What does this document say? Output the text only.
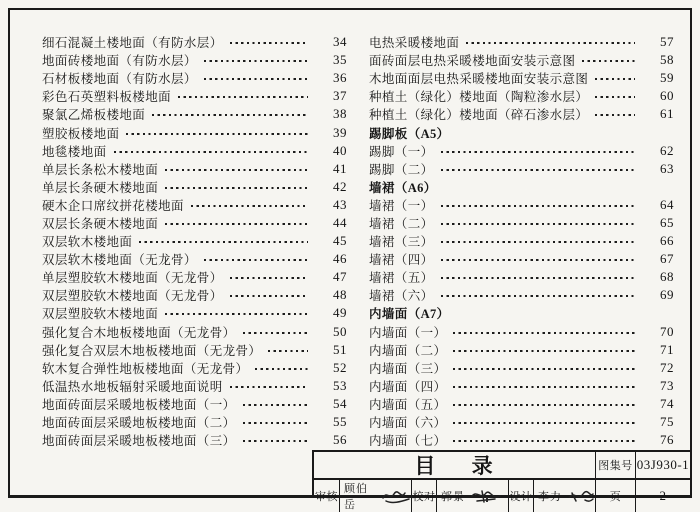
细石混凝土楼地面（有防水层）	34
地面砖楼地面（有防水层）	35
石材板楼地面（有防水层）	36
彩色石英塑料板楼地面	37
聚氯乙烯板楼地面	38
塑胶板楼地面	39
地毯楼地面	40
单层长条松木楼地面	41
单层长条硬木楼地面	42
硬木企口席纹拼花楼地面	43
双层长条硬木楼地面	44
双层软木楼地面	45
双层软木楼地面（无龙骨）	46
单层塑胶软木楼地面（无龙骨）	47
双层塑胶软木楼地面（无龙骨）	48
双层塑胶软木楼地面	49
强化复合木地板楼地面（无龙骨）	50
强化复合双层木地板楼地面（无龙骨）	51
软木复合弹性地板楼地面（无龙骨）	52
低温热水地板辐射采暖地面说明	53
地面砖面层采暖地板楼地面（一）	54
地面砖面层采暖地板楼地面（二）	55
地面砖面层采暖地板楼地面（三）	56
电热采暖楼地面	57
面砖面层电热采暖楼地面安装示意图	58
木地面面层电热采暖楼地面安装示意图	59
种植土（绿化）楼地面（陶粒渗水层）	60
种植土（绿化）楼地面（碎石渗水层）	61
踢脚板（A5）
踢脚（一）	62
踢脚（二）	63
墙裙（A6）
墙裙（一）	64
墙裙（二）	65
墙裙（三）	66
墙裙（四）	67
墙裙（五）	68
墙裙（六）	69
内墙面（A7）
内墙面（一）	70
内墙面（二）	71
内墙面（三）	72
内墙面（四）	73
内墙面（五）	74
内墙面（六）	75
内墙面（七）	76
目 录	图集号 03J930-1
审核
顾伯岳
校对 郭景	设计 李力	页	2
